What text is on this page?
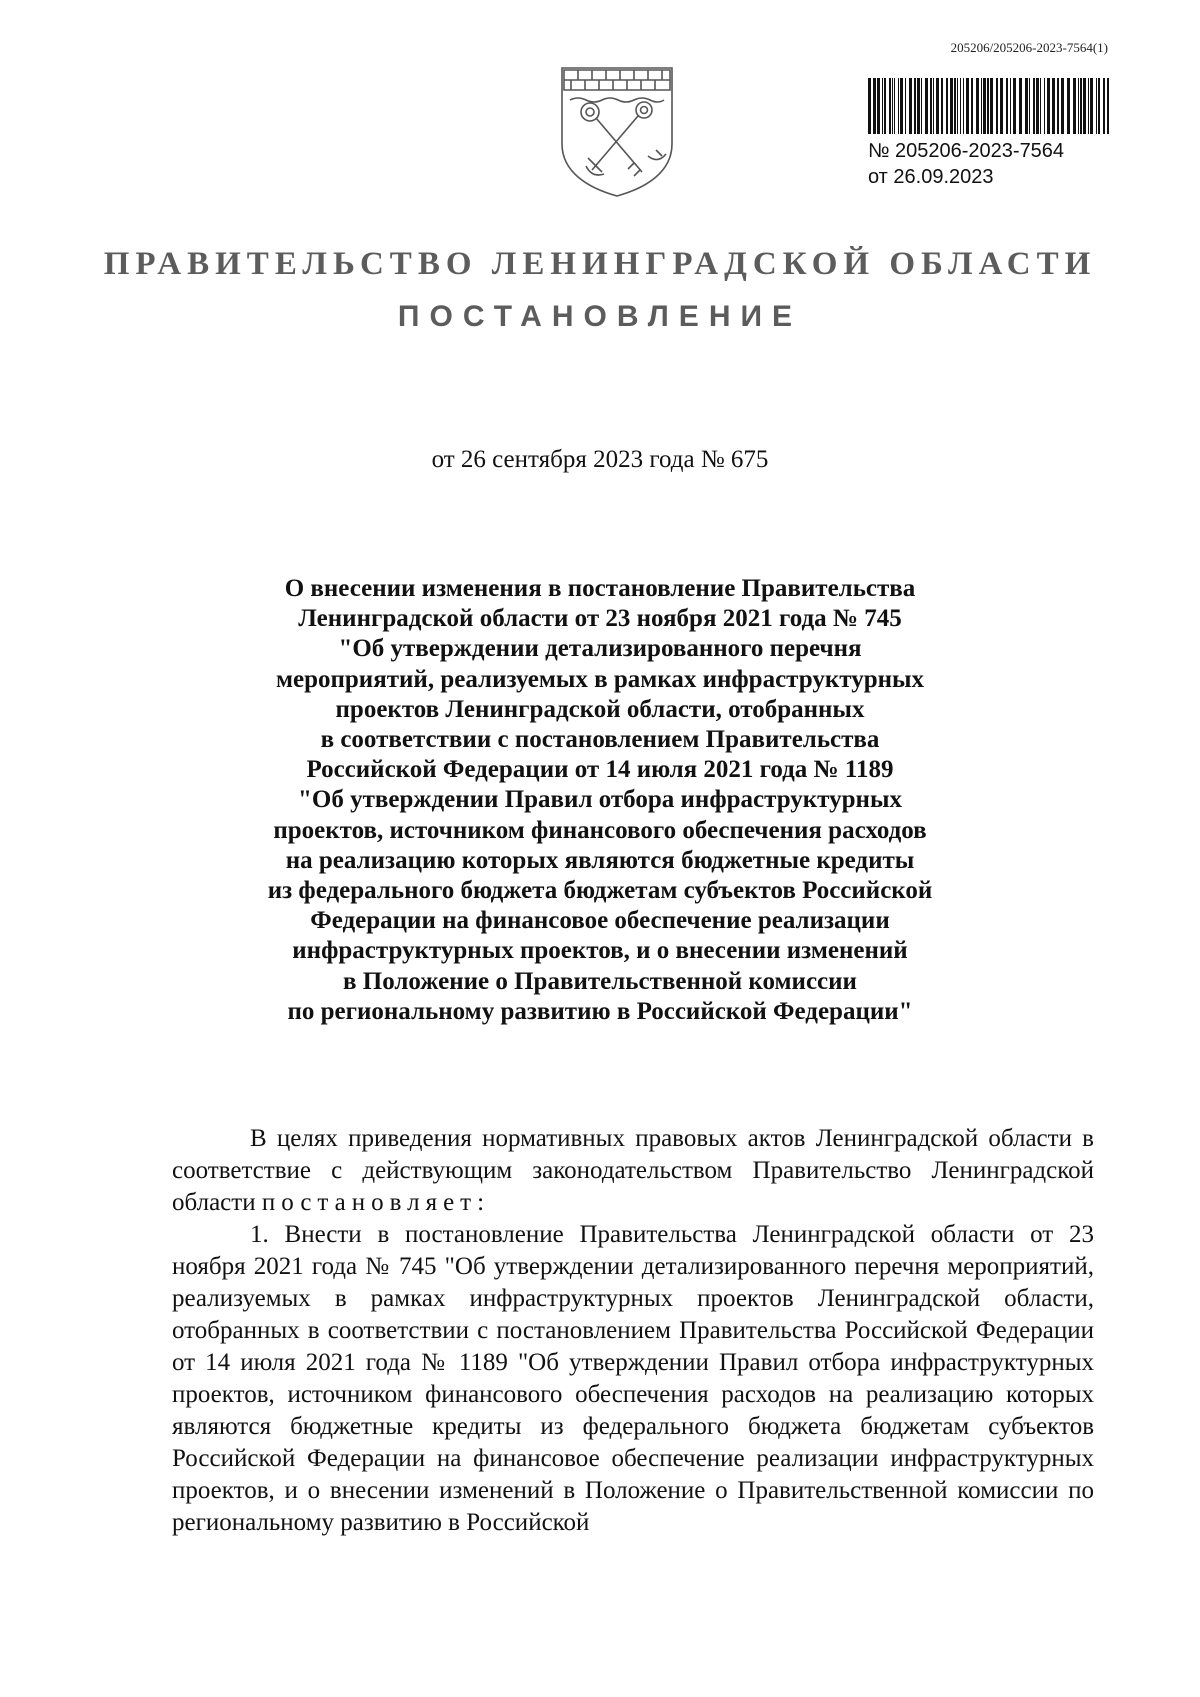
205206/205206-2023-7564(1)
№ 205206-2023-7564
от 26.09.2023
ПРАВИТЕЛЬСТВО ЛЕНИНГРАДСКОЙ ОБЛАСТИ
ПОСТАНОВЛЕНИЕ
от 26 сентября 2023 года № 675
О внесении изменения в постановление Правительства
Ленинградской области от 23 ноября 2021 года № 745
"Об утверждении детализированного перечня
мероприятий, реализуемых в рамках инфраструктурных
проектов Ленинградской области, отобранных
в соответствии с постановлением Правительства
Российской Федерации от 14 июля 2021 года № 1189
"Об утверждении Правил отбора инфраструктурных
проектов, источником финансового обеспечения расходов
на реализацию которых являются бюджетные кредиты
из федерального бюджета бюджетам субъектов Российской
Федерации на финансовое обеспечение реализации
инфраструктурных проектов, и о внесении изменений
в Положение о Правительственной комиссии
по региональному развитию в Российской Федерации"

В целях приведения нормативных правовых актов Ленинградской области в соответствие с действующим законодательством Правительство Ленинградской области постановляет:

1. Внести в постановление Правительства Ленинградской области от 23 ноября 2021 года № 745 "Об утверждении детализированного перечня мероприятий, реализуемых в рамках инфраструктурных проектов Ленинградской области, отобранных в соответствии с постановлением Правительства Российской Федерации от 14 июля 2021 года № 1189 "Об утверждении Правил отбора инфраструктурных проектов, источником финансового обеспечения расходов на реализацию которых являются бюджетные кредиты из федерального бюджета бюджетам субъектов Российской Федерации на финансовое обеспечение реализации инфраструктурных проектов, и о внесении изменений в Положение о Правительственной комиссии по региональному развитию в Российской
